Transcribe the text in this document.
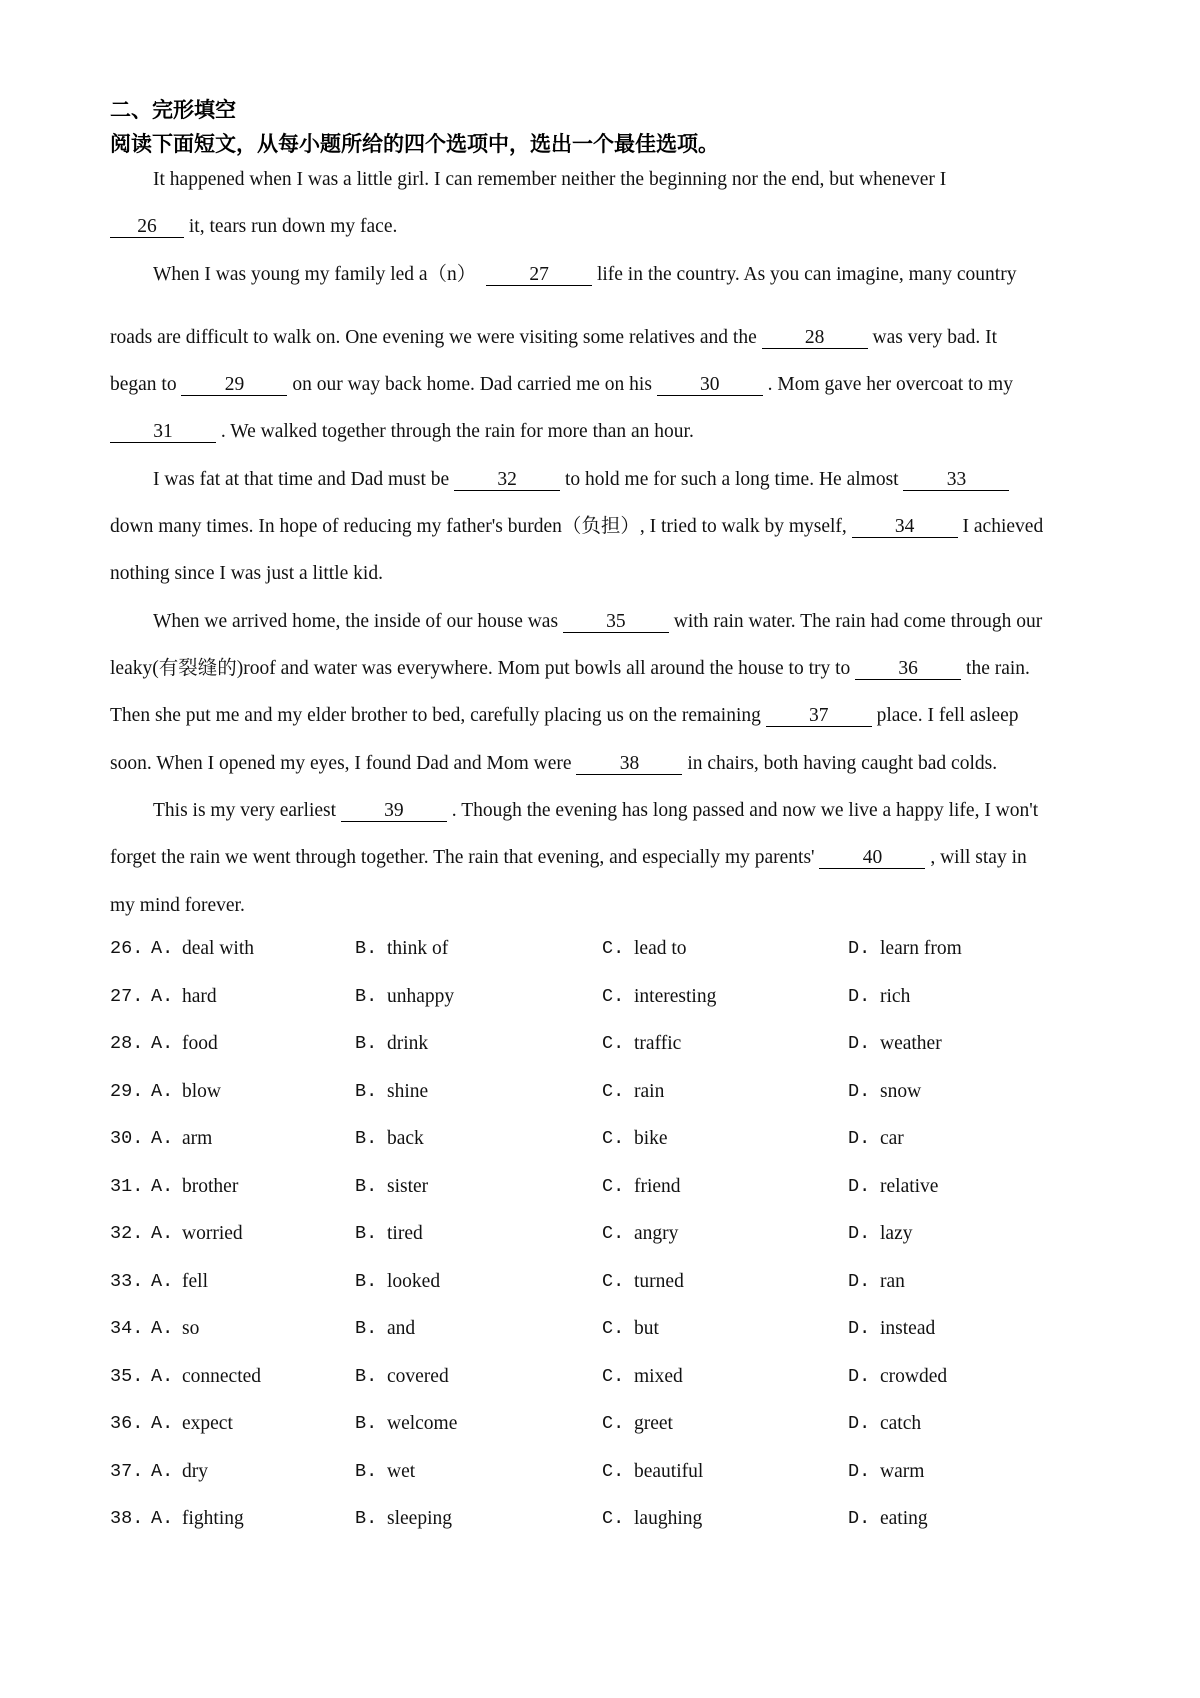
二、完形填空
阅读下面短文，从每小题所给的四个选项中，选出一个最佳选项。
It happened when I was a little girl. I can remember neither the beginning nor the end, but whenever I
26 it, tears run down my face.
When I was young my family led a（n）	27 life in the country. As you can imagine, many country
roads are difficult to walk on. One evening we were visiting some relatives and the 28 was very bad. It
began to 29 on our way back home. Dad carried me on his 30 . Mom gave her overcoat to my
31 . We walked together through the rain for more than an hour.
I was fat at that time and Dad must be 32 to hold me for such a long time. He almost 33
down many times. In hope of reducing my father's burden（负担）, I tried to walk by myself, 34 I achieved
nothing since I was just a little kid.
When we arrived home, the inside of our house was 35 with rain water. The rain had come through our
leaky(有裂缝的)roof and water was everywhere. Mom put bowls all around the house to try to 36 the rain.
Then she put me and my elder brother to bed, carefully placing us on the remaining 37 place. I fell asleep
soon. When I opened my eyes, I found Dad and Mom were 38 in chairs, both having caught bad colds.
This is my very earliest 39 . Though the evening has long passed and now we live a happy life, I won't
forget the rain we went through together. The rain that evening, and especially my parents' 40 , will stay in
my mind forever.
26. A. deal with	B. think of	C. lead to	D. learn from
27. A. hard	B. unhappy	C. interesting	D. rich
28. A. food	B. drink	C. traffic	D. weather
29. A. blow	B. shine	C. rain	D. snow
30. A. arm	B. back	C. bike	D. car
31. A. brother	B. sister	C. friend	D. relative
32. A. worried	B. tired	C. angry	D. lazy
33. A. fell	B. looked	C. turned	D. ran
34. A. so	B. and	C. but	D. instead
35. A. connected	B. covered	C. mixed	D. crowded
36. A. expect	B. welcome	C. greet	D. catch
37. A. dry	B. wet	C. beautiful	D. warm
38. A. fighting	B. sleeping	C. laughing	D. eating
